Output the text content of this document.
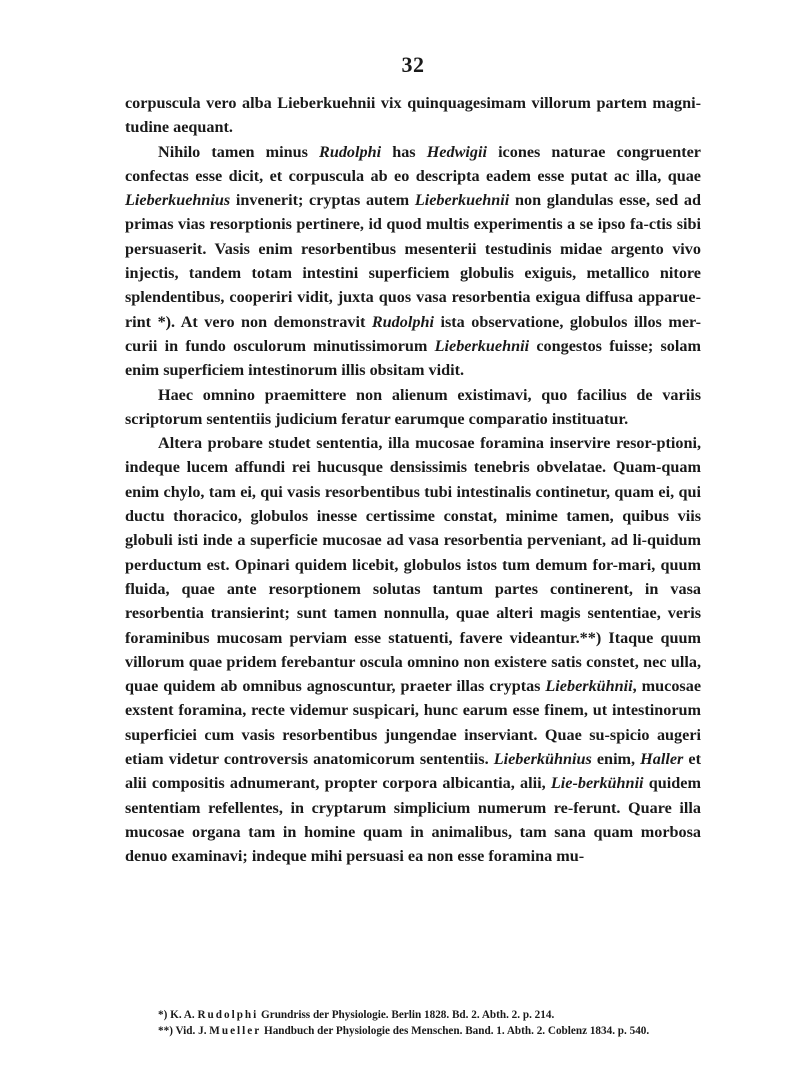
32

corpuscula vero alba Lieberkuehnii vix quinquagesimam villorum partem magni-tudine aequant.

Nihilo tamen minus Rudolphi has Hedwigii icones naturae congruenter confectas esse dicit, et corpuscula ab eo descripta eadem esse putat ac illa, quae Lieberkuehnius invenerit; cryptas autem Lieberkuehnii non glandulas esse, sed ad primas vias resorptionis pertinere, id quod multis experimentis a se ipso fa-ctis sibi persuaserit. Vasis enim resorbentibus mesenterii testudinis midae argento vivo injectis, tandem totam intestini superficiem globulis exiguis, metallico nitore splendentibus, cooperiri vidit, juxta quos vasa resorbentia exigua diffusa apparue-rint *). At vero non demonstravit Rudolphi ista observatione, globulos illos mer-curii in fundo osculorum minutissimorum Lieberkuehnii congestos fuisse; solam enim superficiem intestinorum illis obsitam vidit.

Haec omnino praemittere non alienum existimavi, quo facilius de variis scriptorum sententiis judicium feratur earumque comparatio instituatur.

Altera probare studet sententia, illa mucosae foramina inservire resor-ptioni, indeque lucem affundi rei hucusque densissimis tenebris obvelatae. Quam-quam enim chylo, tam ei, qui vasis resorbentibus tubi intestinalis continetur, quam ei, qui ductu thoracico, globulos inesse certissime constat, minime tamen, quibus viis globuli isti inde a superficie mucosae ad vasa resorbentia perveniant, ad li-quidum perductum est. Opinari quidem licebit, globulos istos tum demum for-mari, quum fluida, quae ante resorptionem solutas tantum partes continerent, in vasa resorbentia transierint; sunt tamen nonnulla, quae alteri magis sententiae, veris foraminibus mucosam perviam esse statuenti, favere videantur.**) Itaque quum villorum quae pridem ferebantur oscula omnino non existere satis constet, nec ulla, quae quidem ab omnibus agnoscuntur, praeter illas cryptas Lieberkühnii, mucosae exstent foramina, recte videmur suspicari, hunc earum esse finem, ut intestinorum superficiei cum vasis resorbentibus jungendae inserviant. Quae su-spicio augeri etiam videtur controversis anatomicorum sententiis. Lieberkühnius enim, Haller et alii compositis adnumerant, propter corpora albicantia, alii, Lie-berkühnii quidem sententiam refellentes, in cryptarum simplicium numerum re-ferunt. Quare illa mucosae organa tam in homine quam in animalibus, tam sana quam morbosa denuo examinavi; indeque mihi persuasi ea non esse foramina mu-

*) K. A. Rudolphi Grundriss der Physiologie. Berlin 1828. Bd. 2. Abth. 2. p. 214.

**) Vid. J. Mueller Handbuch der Physiologie des Menschen. Band. 1. Abth. 2. Coblenz 1834. p. 540.
